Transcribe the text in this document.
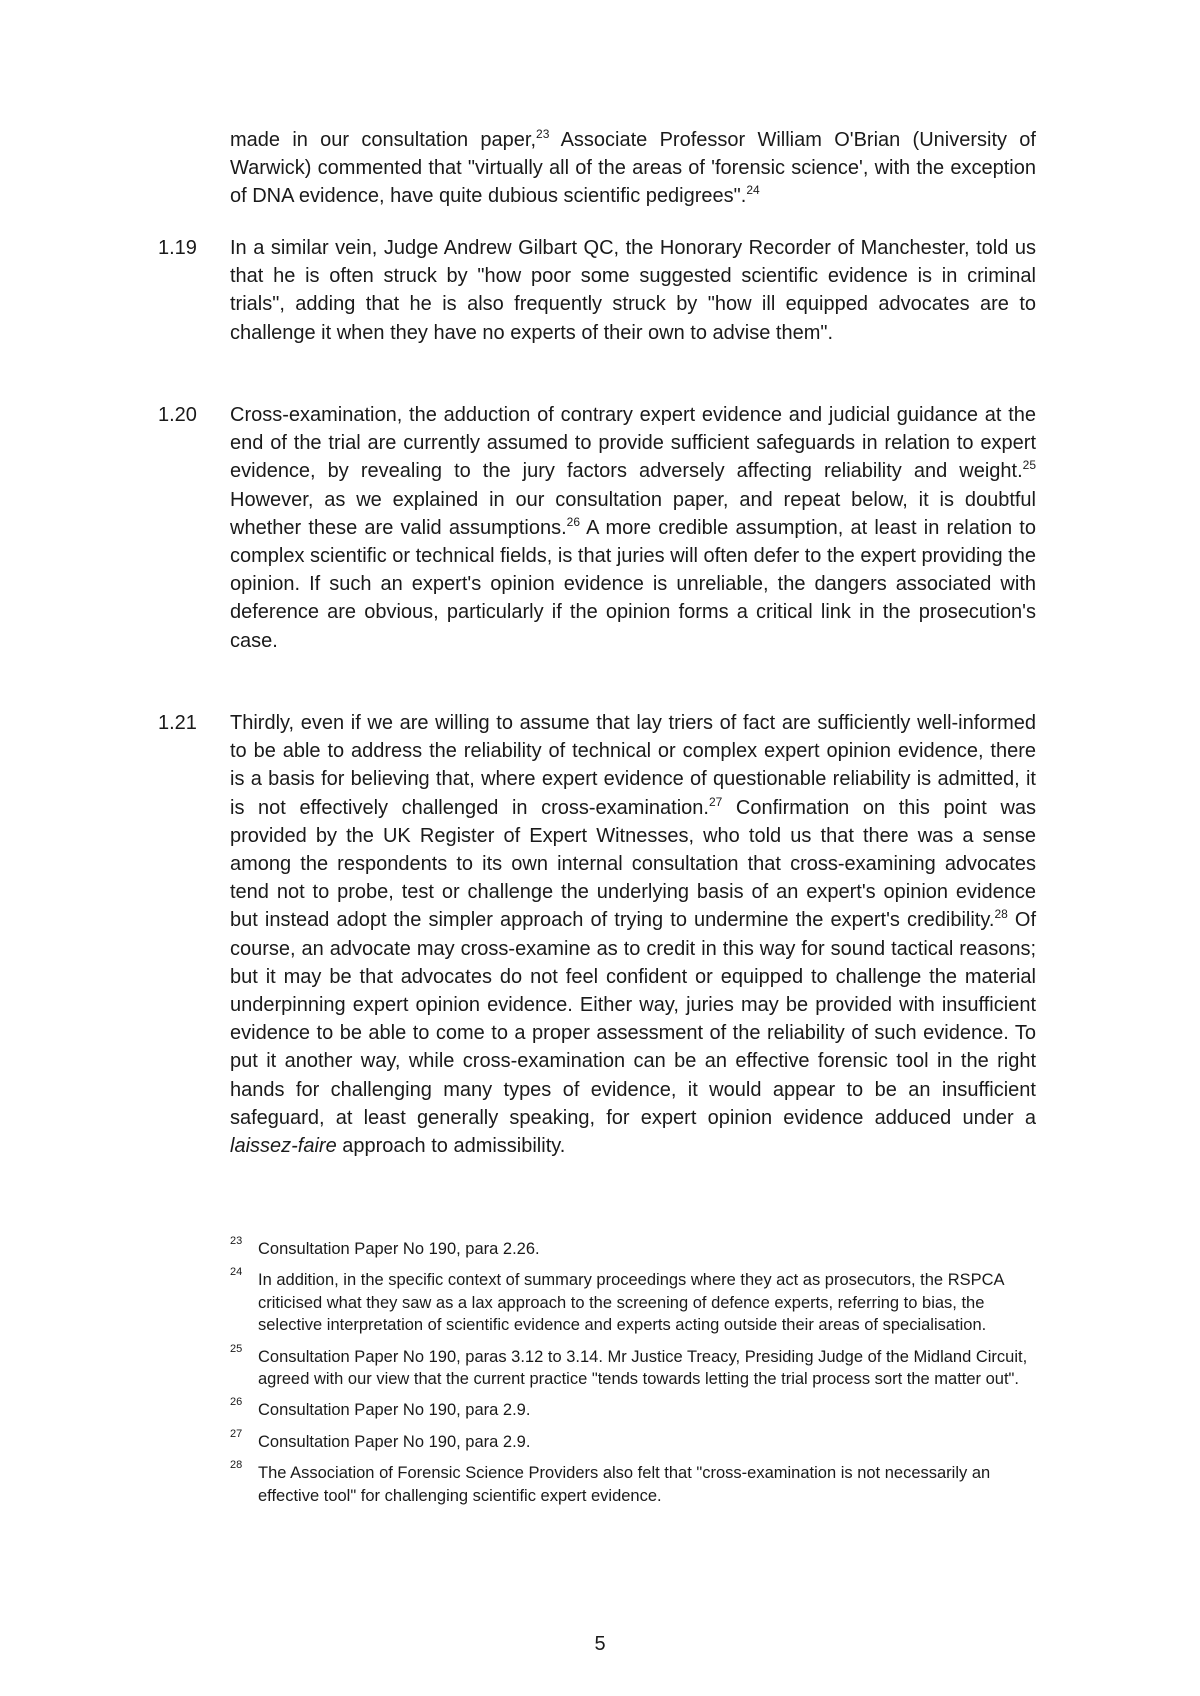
made in our consultation paper,$^{23}$ Associate Professor William O'Brian (University of Warwick) commented that "virtually all of the areas of 'forensic science', with the exception of DNA evidence, have quite dubious scientific pedigrees".$^{24}$
1.19 In a similar vein, Judge Andrew Gilbart QC, the Honorary Recorder of Manchester, told us that he is often struck by "how poor some suggested scientific evidence is in criminal trials", adding that he is also frequently struck by "how ill equipped advocates are to challenge it when they have no experts of their own to advise them".
1.20 Cross-examination, the adduction of contrary expert evidence and judicial guidance at the end of the trial are currently assumed to provide sufficient safeguards in relation to expert evidence, by revealing to the jury factors adversely affecting reliability and weight.$^{25}$ However, as we explained in our consultation paper, and repeat below, it is doubtful whether these are valid assumptions.$^{26}$ A more credible assumption, at least in relation to complex scientific or technical fields, is that juries will often defer to the expert providing the opinion. If such an expert's opinion evidence is unreliable, the dangers associated with deference are obvious, particularly if the opinion forms a critical link in the prosecution's case.
1.21 Thirdly, even if we are willing to assume that lay triers of fact are sufficiently well-informed to be able to address the reliability of technical or complex expert opinion evidence, there is a basis for believing that, where expert evidence of questionable reliability is admitted, it is not effectively challenged in cross-examination.$^{27}$ Confirmation on this point was provided by the UK Register of Expert Witnesses, who told us that there was a sense among the respondents to its own internal consultation that cross-examining advocates tend not to probe, test or challenge the underlying basis of an expert's opinion evidence but instead adopt the simpler approach of trying to undermine the expert's credibility.$^{28}$ Of course, an advocate may cross-examine as to credit in this way for sound tactical reasons; but it may be that advocates do not feel confident or equipped to challenge the material underpinning expert opinion evidence. Either way, juries may be provided with insufficient evidence to be able to come to a proper assessment of the reliability of such evidence. To put it another way, while cross-examination can be an effective forensic tool in the right hands for challenging many types of evidence, it would appear to be an insufficient safeguard, at least generally speaking, for expert opinion evidence adduced under a laissez-faire approach to admissibility.
23 Consultation Paper No 190, para 2.26.
24 In addition, in the specific context of summary proceedings where they act as prosecutors, the RSPCA criticised what they saw as a lax approach to the screening of defence experts, referring to bias, the selective interpretation of scientific evidence and experts acting outside their areas of specialisation.
25 Consultation Paper No 190, paras 3.12 to 3.14. Mr Justice Treacy, Presiding Judge of the Midland Circuit, agreed with our view that the current practice "tends towards letting the trial process sort the matter out".
26 Consultation Paper No 190, para 2.9.
27 Consultation Paper No 190, para 2.9.
28 The Association of Forensic Science Providers also felt that "cross-examination is not necessarily an effective tool" for challenging scientific expert evidence.
5
